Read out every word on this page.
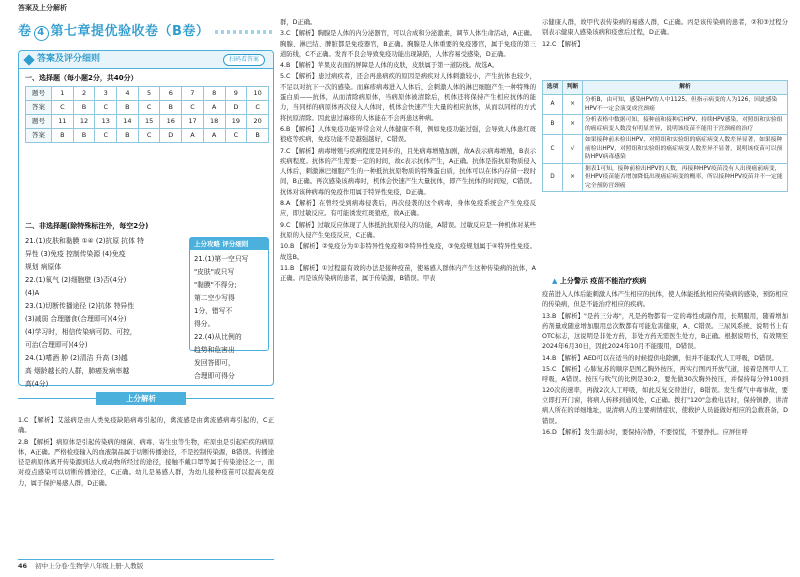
答案及上分解析
卷 4 第七章提优验收卷（B卷）
答案及评分细则	扫码看答案
一、选择题（每小题2分，共40分）
题号	1	2	3	4	5	6	7	8	9	10
答案	C	B	C	B	C	B	C	A	D	C
题号	11	12	13	14	15	16	17	18	19	20
答案	B	B	C	B	C	D	A	A	C	B
二、非选择题(除特殊标注外，每空2分)
21.(1)皮肤和黏膜 ①④ (2)抗原 抗体 特
异性 (3)免疫 控制传染源 (4)免疫
规划 病原体
22.(1)氧气 (2)细胞壁 (3)否(4分)
(4)A
23.(1)切断传播途径 (2)抗体 特异性
(3)减弱 合理膳食(合理即可)(4分)
(4)学习时，相信传染病可防、可控，
可治(合理即可)(4分)
24.(1)嗜酒 肿 (2)清洁 升高 (3)越
高 烟龄越长的人群，肺癌发病率越
高(4分)
上分攻略 评分细则
21.(1)第一空只写
"皮肤"或只写
"黏膜"不得分;
第二空少写得
1分，错写不
得分。
22.(4)从比例的
趋势和危害出
发回答即可，
合理即可得分
上分解析

1.C 【解析】艾滋病是由人类免疫缺陷病毒引起的，禽流感是由禽流感病毒引起的，C正确。

2.B 【解析】病原体是引起传染病的细菌、病毒、寄生虫等生物，疟原虫是引起疟疾的病原体，A正确。严格检疫输入的血液制品属于切断传播途径，不是控制传染源，B错误。传播途径是病原体离开传染源到达人或动物所经过的途径，接触不戴口罩等属于传染途径之一，面对疫点感染可以切断传播途径，C正确。幼儿是易感人群，为幼儿接种疫苗可以提高免疫力，属于保护易感人群，D正确。

群，D正确。

3.C 【解析】胸腺是人体的内分泌器官，可以合成和分泌激素，调节人体生命活动，A正确。胸腺、淋巴结、脾脏都是免疫器官，B正确。胸腺是人体重要的免疫器官，属于免疫的第三道防线，C不正确。发育不良会导致免疫功能出现缺陷，人体容易受感染，D正确。

4.B 【解析】苹果皮表面的屏障是人体的皮肤，皮肤属于第一道防线。故选A。

5.C 【解析】患过病疾者，还会再患病疾的原因是病疾对人体刺激较小，产生抗体也较少，不足以对抗下一次的感染。而麻疹病毒进入人体后，会刺激人体的淋巴细胞产生一种特殊的蛋白质——抗体，从而清除病原体，当病原体被清除后，机体还将保持产生相应抗体的能力，当同样的病原体再次侵入人体时，机体会快速产生大量的相应抗体，从而以同样的方式将抗原清除。因此患过麻疹的人体能在不会再患这种病。

6.B 【解析】人体免疫功能异常会对人体健康不利，例如免疫功能过强，会导致人体患红斑狼疮等疾病，免疫功能不是越强越好，C错误。

7.C 【解析】病毒增殖与疾病程度是同步的，且先病毒增殖加剧，故A表示病毒增殖，B表示疾病程度。抗体的产生需要一定的时间，故c表示抗体产生，A正确。抗体是指抗原物质侵入人体后，刺激淋巴细胞产生的一种抵抗抗原物质的特殊蛋白质，抗体可以在体内存留一段时间，B正确。再次感染该病毒时，机体会快速产生大量抗体，即产生抗体的时间短，C错误。抗体对该种病毒的免疫作用属于特异性免疫，D正确。

8.A 【解析】在曾经受到病毒侵袭后，再次侵袭的这个病毒，身体免疫系统会产生免疫反应，即过敏反应。有可能诱发红斑狼疮，故A正确。

9.C 【解析】过敏反应体现了人体抵抗抗原侵入的功能，A错误。过敏反应是一种机体对某些抗原的入侵产生免疫反应，C正确。

10.B 【解析】②免疫分为①非特异性免疫和②特异性免疫，③免疫规划属于④特异性免疫。故选B。

11.B 【解析】①过程最有效的办法是接种疫苗，使易感人群体内产生这种传染病的抗体，A正确。丙是该传染病的患者，属于传染源，B错误。甲表

示健康人群，故甲代表传染病的易感人群，C正确。丙是该传染病的患者，②和③过程分别表示健康人感染该病和疫愈后过程，D正确。

12.C 【解析】

选项	判断	解析
A	×	分析B，由可知，感染HPV的人中1125，但指示病变的人为126，因此感染HPV不一定会演变成宫颈癌
B	×	分析表格中数据可知，接种前和接种后HPV、持续HPV感染，对照组和实验组的癌症病变人数没有明显差异，说明该疫苗不能用于宫颈癌的治疗
C	√	如果接种前未检出HPV，对照组和实验组的癌症病变人数差异显著，如果接种前检出HPV，对照组和实验组的癌症病变人数差异不显著，说明该疫苗可以预防HPV病毒感染
D	×	据表1可知，接种前检出HPV的人数，再接种HPV疫苗没有人出现癌前病变，但HPV疫苗能否增加降低出现癌症病变的概率，所以接种HPV疫苗并不一定能完全预防宫颈癌
▲ 上分警示 疫苗不能治疗疾病

疫苗进入人体后能刺激人体产生相应的抗体，使人体能抵抗相应传染病的感染，预防相应的传染病，但是不能治疗相应的疾病。

13.B 【解析】"是药三分毒"，凡是药物都有一定的毒性或副作用，长期服用，随着增加药剂量或随意增加服用总次数都有可能危害健康，A、C错误。三尿风系统、说明书上有OTC标志，这说明是非处方药，非处方药无需医生处方，B正确。根据说明书，有效期至2024年6月30日，因此2024年10月不能服用，D错误。

14.B 【解析】AED可以在适当的时候提供电除颤，但并不能取代人工呼吸，D错误。

15.C 【解析】心肺复苏的顺序是图乙胸外按压，再实行图丙开放气道，接着是图甲人工呼吸，A错误。按压与吹气的比例是30:2，要先做30次胸外按压，并保持每分钟100到120次的速率，再做2次人工呼吸，如此反复交替进行，B错误。发生煤气中毒事故，要立即打开门窗，将病人转移到通风处，C正确。拨打"120"急救电话时，保持镇静，讲清病人所在的详细地址，说清病人的主要病情症状，使救护人员能做好相应的急救准备，D错误。

16.D 【解析】发生溺水时，要保持冷静，不要惊慌，不要挣扎。应屏住呼

46 初中上分卷·生物学八年级上册·人教版
